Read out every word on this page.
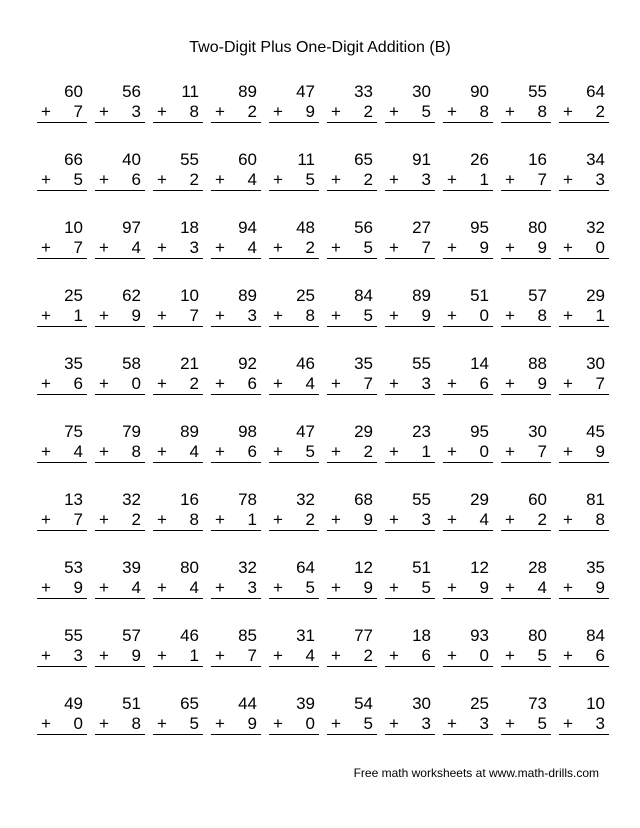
Two-Digit Plus One-Digit Addition (B)
60
+ 7
56
+ 3
11
+ 8
89
+ 2
47
+ 9
33
+ 2
30
+ 5
90
+ 8
55
+ 8
64
+ 2
66
+ 5
40
+ 6
55
+ 2
60
+ 4
11
+ 5
65
+ 2
91
+ 3
26
+ 1
16
+ 7
34
+ 3
10
+ 7
97
+ 4
18
+ 3
94
+ 4
48
+ 2
56
+ 5
27
+ 7
95
+ 9
80
+ 9
32
+ 0
25
+ 1
62
+ 9
10
+ 7
89
+ 3
25
+ 8
84
+ 5
89
+ 9
51
+ 0
57
+ 8
29
+ 1
35
+ 6
58
+ 0
21
+ 2
92
+ 6
46
+ 4
35
+ 7
55
+ 3
14
+ 6
88
+ 9
30
+ 7
75
+ 4
79
+ 8
89
+ 4
98
+ 6
47
+ 5
29
+ 2
23
+ 1
95
+ 0
30
+ 7
45
+ 9
13
+ 7
32
+ 2
16
+ 8
78
+ 1
32
+ 2
68
+ 9
55
+ 3
29
+ 4
60
+ 2
81
+ 8
53
+ 9
39
+ 4
80
+ 4
32
+ 3
64
+ 5
12
+ 9
51
+ 5
12
+ 9
28
+ 4
35
+ 9
55
+ 3
57
+ 9
46
+ 1
85
+ 7
31
+ 4
77
+ 2
18
+ 6
93
+ 0
80
+ 5
84
+ 6
49
+ 0
51
+ 8
65
+ 5
44
+ 9
39
+ 0
54
+ 5
30
+ 3
25
+ 3
73
+ 5
10
+ 3
Free math worksheets at www.math-drills.com
